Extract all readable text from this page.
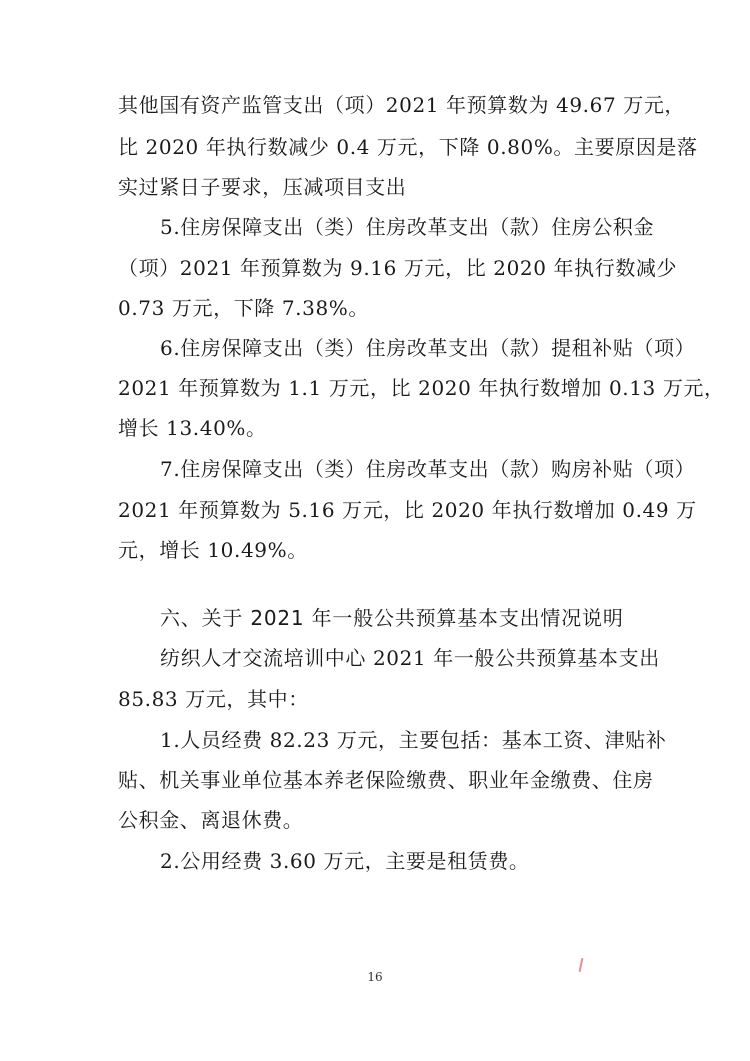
其他国有资产监管支出（项）2021 年预算数为 49.67 万元，
比 2020 年执行数减少 0.4 万元，下降 0.80%。主要原因是落
实过紧日子要求，压减项目支出
5.住房保障支出（类）住房改革支出（款）住房公积金
（项）2021 年预算数为 9.16 万元，比 2020 年执行数减少
0.73 万元，下降 7.38%。
6.住房保障支出（类）住房改革支出（款）提租补贴（项）
2021 年预算数为 1.1 万元，比 2020 年执行数增加 0.13 万元，
增长 13.40%。
7.住房保障支出（类）住房改革支出（款）购房补贴（项）
2021 年预算数为 5.16 万元，比 2020 年执行数增加 0.49 万
元，增长 10.49%。
六、关于 2021 年一般公共预算基本支出情况说明
纺织人才交流培训中心 2021 年一般公共预算基本支出
85.83 万元，其中：
1.人员经费 82.23 万元，主要包括：基本工资、津贴补
贴、机关事业单位基本养老保险缴费、职业年金缴费、住房
公积金、离退休费。
2.公用经费 3.60 万元，主要是租赁费。
16
